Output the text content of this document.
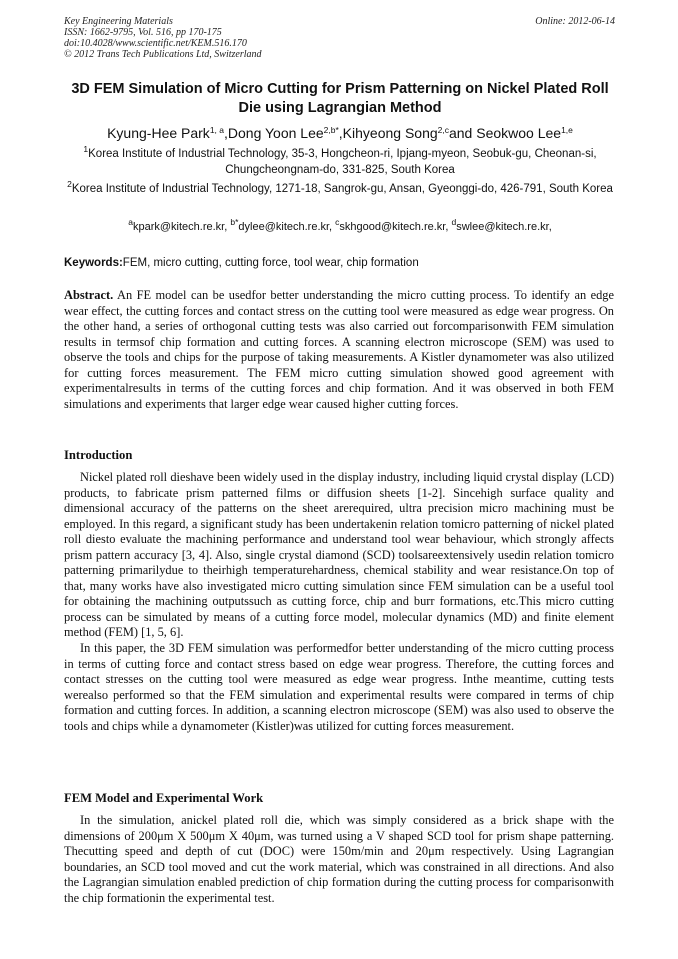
Key Engineering Materials
ISSN: 1662-9795, Vol. 516, pp 170-175
doi:10.4028/www.scientific.net/KEM.516.170
© 2012 Trans Tech Publications Ltd, Switzerland
Online: 2012-06-14
3D FEM Simulation of Micro Cutting for Prism Patterning on Nickel Plated Roll Die using Lagrangian Method
Kyung-Hee Park$^{1, a}$,Dong Yoon Lee$^{2,b*}$,Kihyeong Song$^{2,c}$and Seokwoo Lee$^{1,e}$
$^1$Korea Institute of Industrial Technology, 35-3, Hongcheon-ri, Ipjang-myeon, Seobuk-gu, Cheonan-si, Chungcheongnam-do, 331-825, South Korea
$^2$Korea Institute of Industrial Technology, 1271-18, Sangrok-gu, Ansan, Gyeonggi-do, 426-791, South Korea
$^a$kpark@kitech.re.kr, $^{b*}$dylee@kitech.re.kr, $^c$skhgood@kitech.re.kr, $^d$swlee@kitech.re.kr,
Keywords:FEM, micro cutting, cutting force, tool wear, chip formation
Abstract. An FE model can be usedfor better understanding the micro cutting process. To identify an edge wear effect, the cutting forces and contact stress on the cutting tool were measured as edge wear progress. On the other hand, a series of orthogonal cutting tests was also carried out forcomparisonwith FEM simulation results in termsof chip formation and cutting forces. A scanning electron microscope (SEM) was used to observe the tools and chips for the purpose of taking measurements. A Kistler dynamometer was also utilized for cutting forces measurement. The FEM micro cutting simulation showed good agreement with experimentalresults in terms of the cutting forces and chip formation. And it was observed in both FEM simulations and experiments that larger edge wear caused higher cutting forces.
Introduction

Nickel plated roll dieshave been widely used in the display industry, including liquid crystal display (LCD) products, to fabricate prism patterned films or diffusion sheets [1-2]. Sincehigh surface quality and dimensional accuracy of the patterns on the sheet arerequired, ultra precision micro machining must be employed. In this regard, a significant study has been undertakenin relation tomicro patterning of nickel plated roll diesto evaluate the machining performance and understand tool wear behaviour, which strongly affects prism pattern accuracy [3, 4]. Also, single crystal diamond (SCD) toolsareextensively usedin relation tomicro patterning primarilydue to theirhigh temperaturehardness, chemical stability and wear resistance.On top of that, many works have also investigated micro cutting simulation since FEM simulation can be a useful tool for obtaining the machining outputssuch as cutting force, chip and burr formations, etc.This micro cutting process can be simulated by means of a cutting force model, molecular dynamics (MD) and finite element method (FEM) [1, 5, 6].

In this paper, the 3D FEM simulation was performedfor better understanding of the micro cutting process in terms of cutting force and contact stress based on edge wear progress. Therefore, the cutting forces and contact stresses on the cutting tool were measured as edge wear progress. Inthe meantime, cutting tests werealso performed so that the FEM simulation and experimental results were compared in terms of chip formation and cutting forces. In addition, a scanning electron microscope (SEM) was also used to observe the tools and chips while a dynamometer (Kistler)was utilized for cutting forces measurement.

FEM Model and Experimental Work

In the simulation, anickel plated roll die, which was simply considered as a brick shape with the dimensions of 200μm X 500μm X 40μm, was turned using a V shaped SCD tool for prism shape patterning. Thecutting speed and depth of cut (DOC) were 150m/min and 20μm respectively. Using Lagrangian boundaries, an SCD tool moved and cut the work material, which was constrained in all directions. And also the Lagrangian simulation enabled prediction of chip formation during the cutting process for comparisonwith the chip formationin the experimental test.
